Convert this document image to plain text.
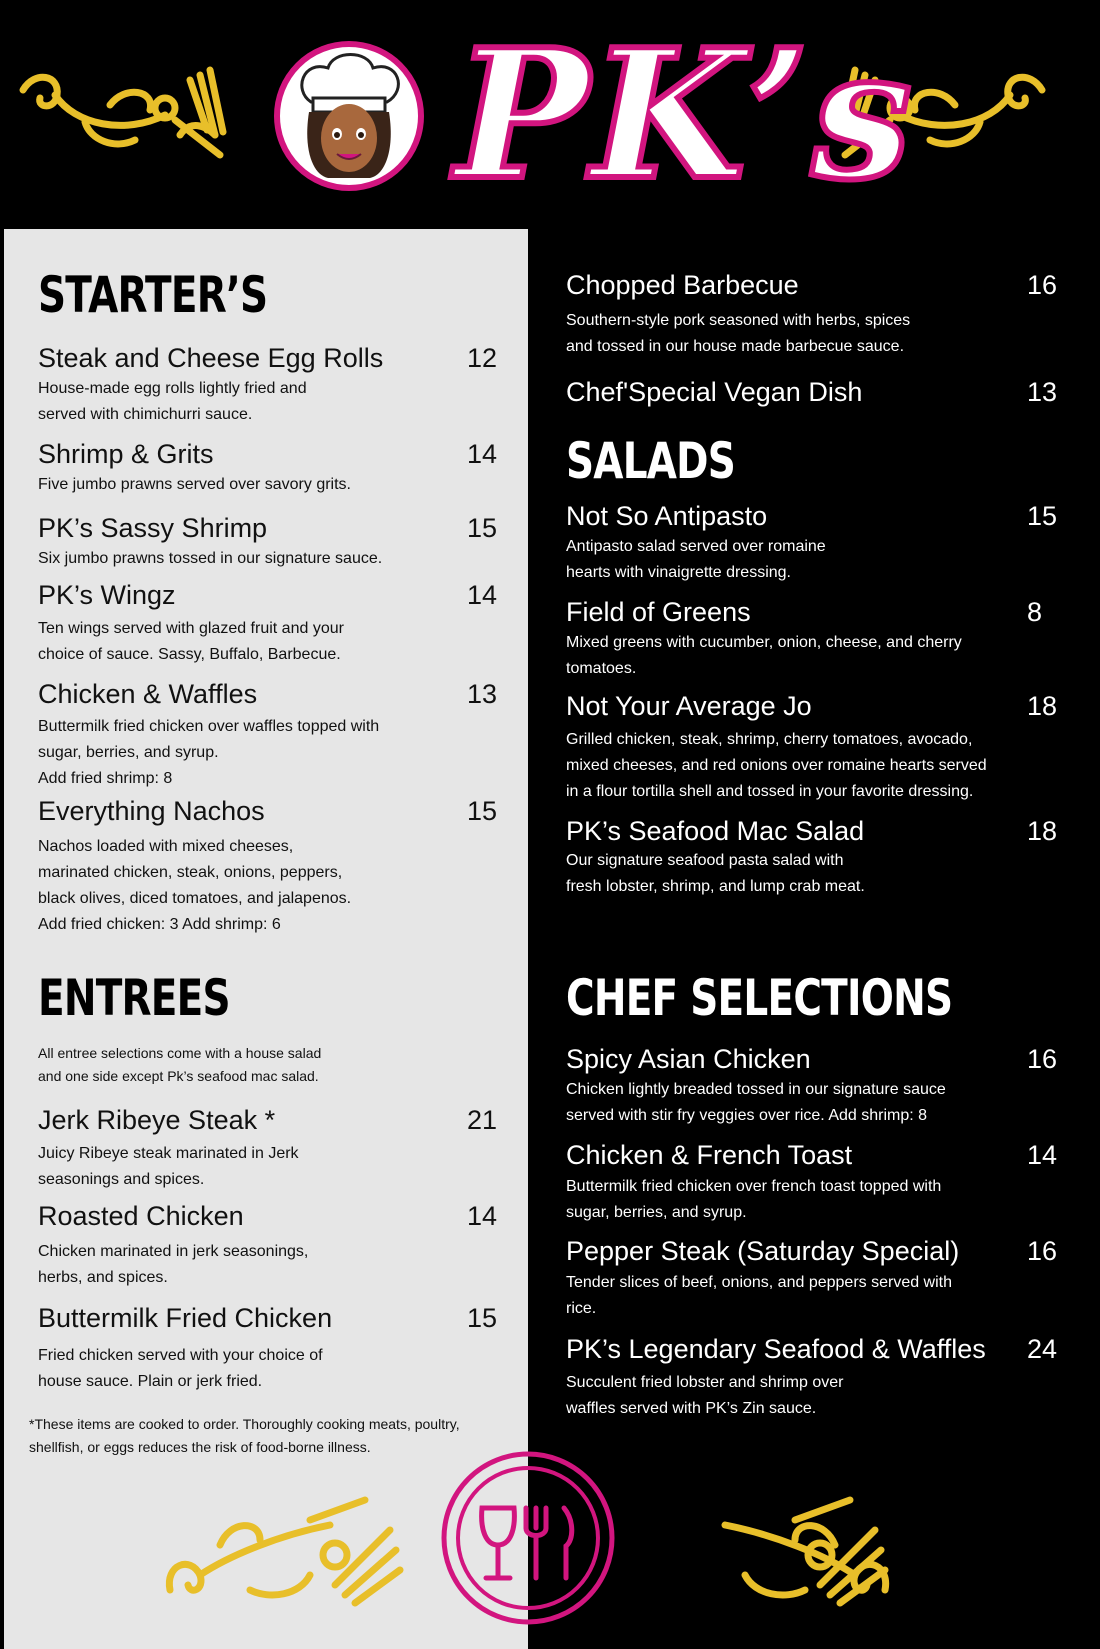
PK’s
STARTER’S
Steak and Cheese Egg Rolls	12
House-made egg rolls lightly fried and
served with chimichurri sauce.
Shrimp & Grits	14
Five jumbo prawns served over savory grits.
PK’s Sassy Shrimp	15
Six jumbo prawns tossed in our signature sauce.
PK’s Wingz	14
Ten wings served with glazed fruit and your
choice of sauce. Sassy, Buffalo, Barbecue.
Chicken & Waffles	13
Buttermilk fried chicken over waffles topped with
sugar, berries, and syrup.
Add fried shrimp: 8
Everything Nachos	15
Nachos loaded with mixed cheeses,
marinated chicken, steak, onions, peppers,
black olives, diced tomatoes, and jalapenos.
Add fried chicken: 3 Add shrimp: 6
ENTREES
All entree selections come with a house salad
and one side except Pk’s seafood mac salad.
Jerk Ribeye Steak *	21
Juicy Ribeye steak marinated in Jerk
seasonings and spices.
Roasted Chicken	14
Chicken marinated in jerk seasonings,
herbs, and spices.
Buttermilk Fried Chicken	15
Fried chicken served with your choice of
house sauce. Plain or jerk fried.
*These items are cooked to order. Thoroughly cooking meats, poultry,
shellfish, or eggs reduces the risk of food-borne illness.
Chopped Barbecue	16
Southern-style pork seasoned with herbs, spices
and tossed in our house made barbecue sauce.
Chef'Special Vegan Dish	13
SALADS
Not So Antipasto	15
Antipasto salad served over romaine
hearts with vinaigrette dressing.
Field of Greens	8
Mixed greens with cucumber, onion, cheese, and cherry
tomatoes.
Not Your Average Jo	18
Grilled chicken, steak, shrimp, cherry tomatoes, avocado,
mixed cheeses, and red onions over romaine hearts served
in a flour tortilla shell and tossed in your favorite dressing.
PK’s Seafood Mac Salad	18
Our signature seafood pasta salad with
fresh lobster, shrimp, and lump crab meat.
CHEF SELECTIONS
Spicy Asian Chicken	16
Chicken lightly breaded tossed in our signature sauce
served with stir fry veggies over rice. Add shrimp: 8
Chicken & French Toast	14
Buttermilk fried chicken over french toast topped with
sugar, berries, and syrup.
Pepper Steak (Saturday Special)	16
Tender slices of beef, onions, and peppers served with
rice.
PK’s Legendary Seafood & Waffles 24
Succulent fried lobster and shrimp over
waffles served with PK’s Zin sauce.
